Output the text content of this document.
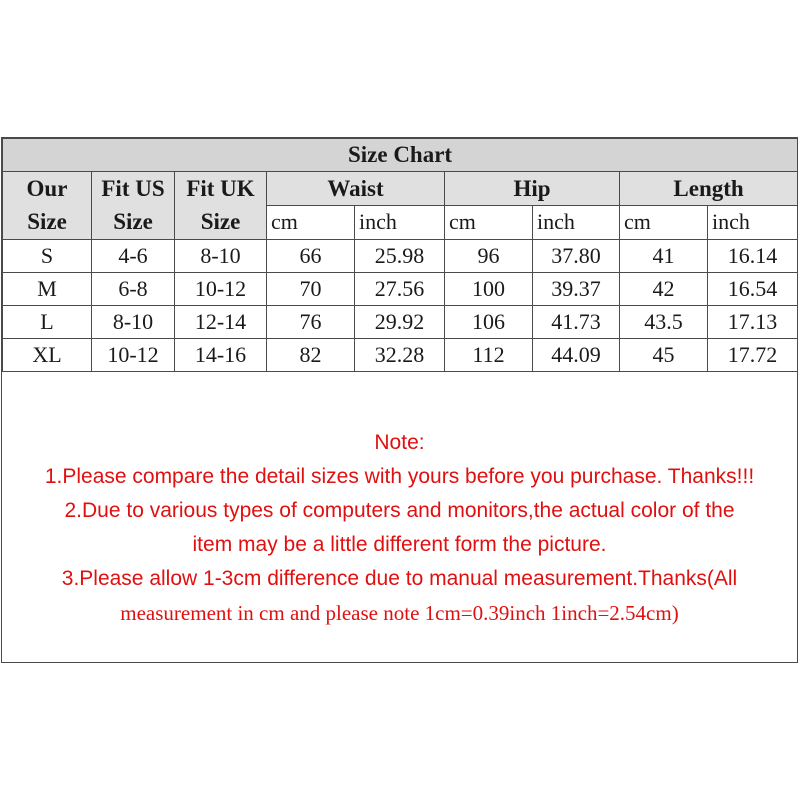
Size Chart								
Our	Fit US	Fit UK	Waist		Hip		Length	
Size	Size	Size	cm	inch	cm	inch	cm	inch
S	4-6	8-10	66	25.98	96	37.80	41	16.14
M	6-8	10-12	70	27.56	100	39.37	42	16.54
L	8-10	12-14	76	29.92	106	41.73	43.5	17.13
XL	10-12	14-16	82	32.28	112	44.09	45	17.72
Note:
1.Please compare the detail sizes with yours before you purchase. Thanks!!!
2.Due to various types of computers and monitors,the actual color of the
item may be a little different form the picture.
3.Please allow 1-3cm difference due to manual measurement.Thanks(All
measurement in cm and please note 1cm=0.39inch 1inch=2.54cm)
